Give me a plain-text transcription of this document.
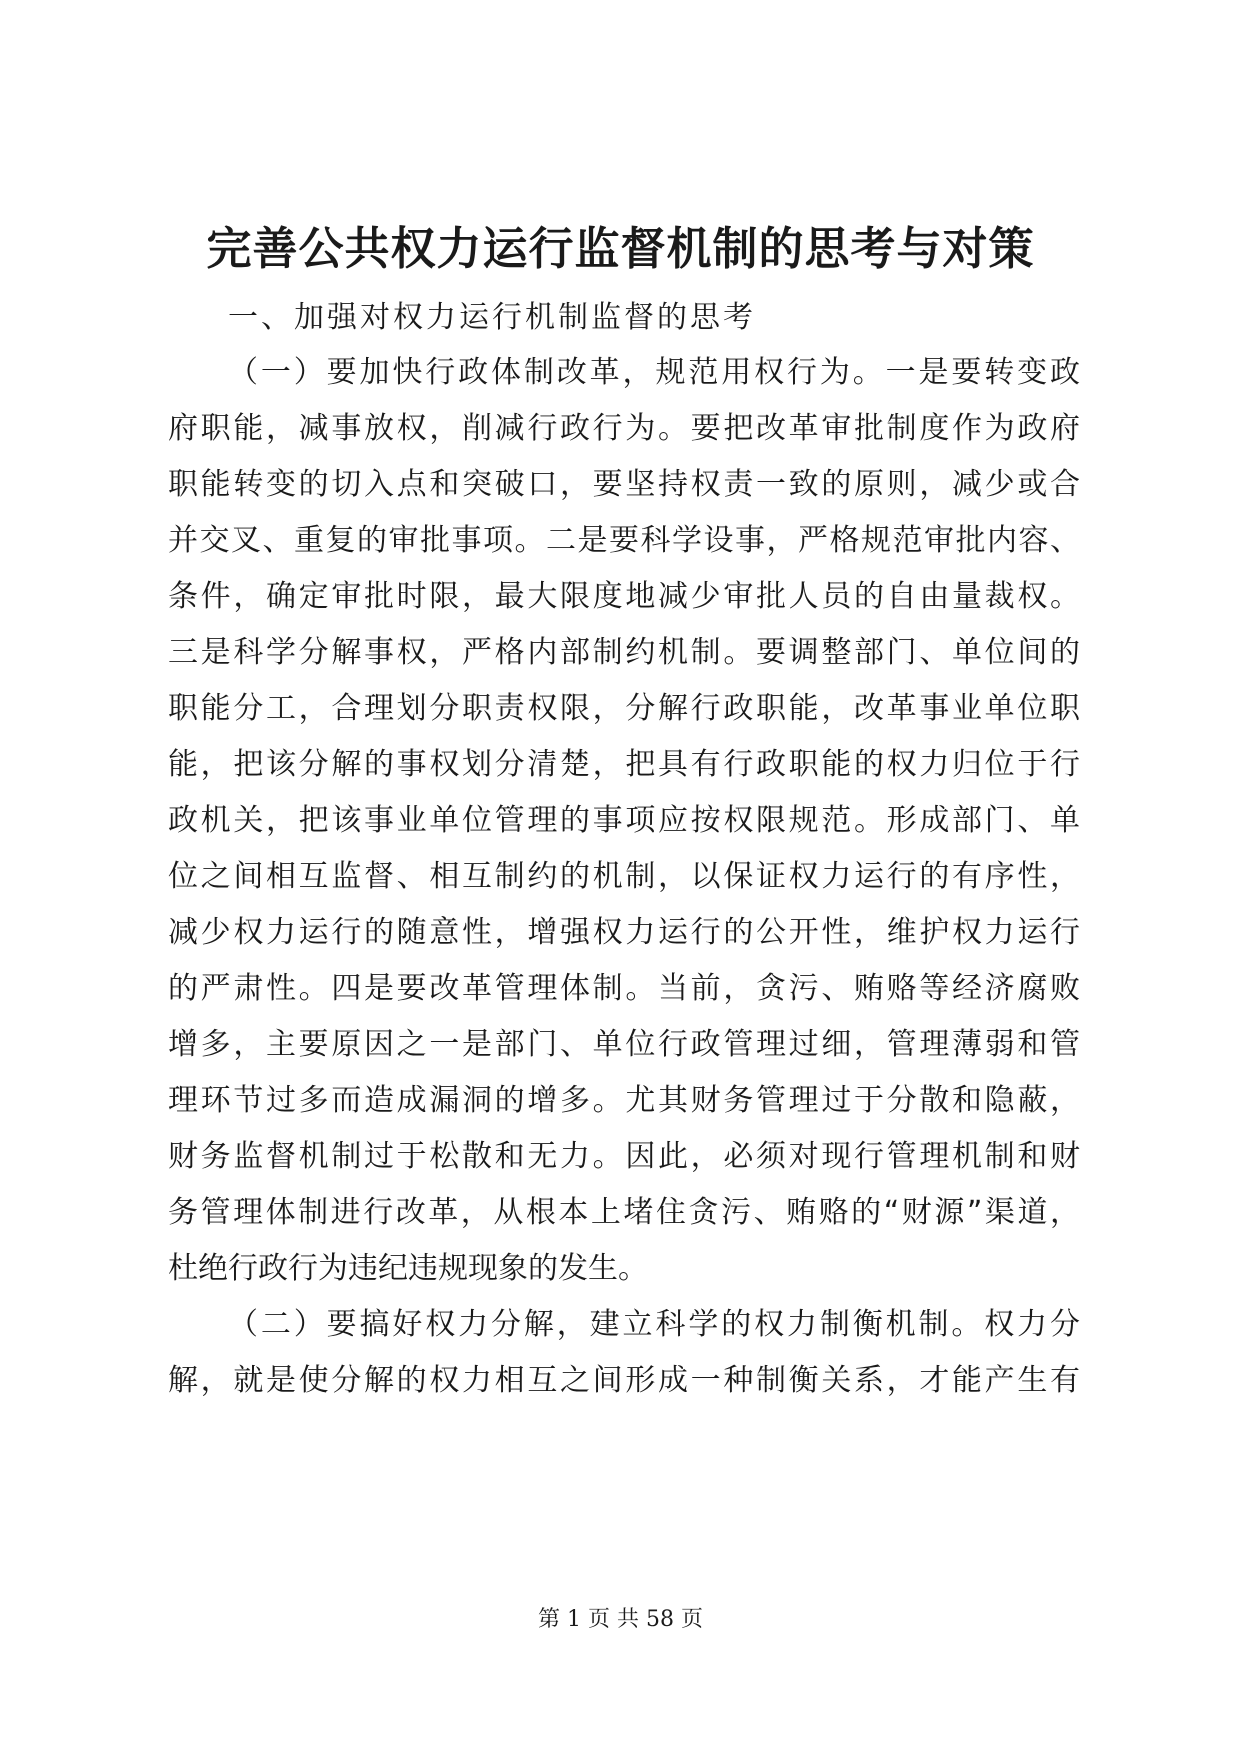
完善公共权力运行监督机制的思考与对策

一、加强对权力运行机制监督的思考

（一）要加快行政体制改革，规范用权行为。一是要转变政

府职能，减事放权，削减行政行为。要把改革审批制度作为政府

职能转变的切入点和突破口，要坚持权责一致的原则，减少或合

并交叉、重复的审批事项。二是要科学设事，严格规范审批内容、

条件，确定审批时限，最大限度地减少审批人员的自由量裁权。

三是科学分解事权，严格内部制约机制。要调整部门、单位间的

职能分工，合理划分职责权限，分解行政职能，改革事业单位职

能，把该分解的事权划分清楚，把具有行政职能的权力归位于行

政机关，把该事业单位管理的事项应按权限规范。形成部门、单

位之间相互监督、相互制约的机制，以保证权力运行的有序性，

减少权力运行的随意性，增强权力运行的公开性，维护权力运行

的严肃性。四是要改革管理体制。当前，贪污、贿赂等经济腐败

增多，主要原因之一是部门、单位行政管理过细，管理薄弱和管

理环节过多而造成漏洞的增多。尤其财务管理过于分散和隐蔽，

财务监督机制过于松散和无力。因此，必须对现行管理机制和财

务管理体制进行改革，从根本上堵住贪污、贿赂的“财源”渠道，

杜绝行政行为违纪违规现象的发生。

（二）要搞好权力分解，建立科学的权力制衡机制。权力分

解，就是使分解的权力相互之间形成一种制衡关系，才能产生有

第 1 页 共 58 页
